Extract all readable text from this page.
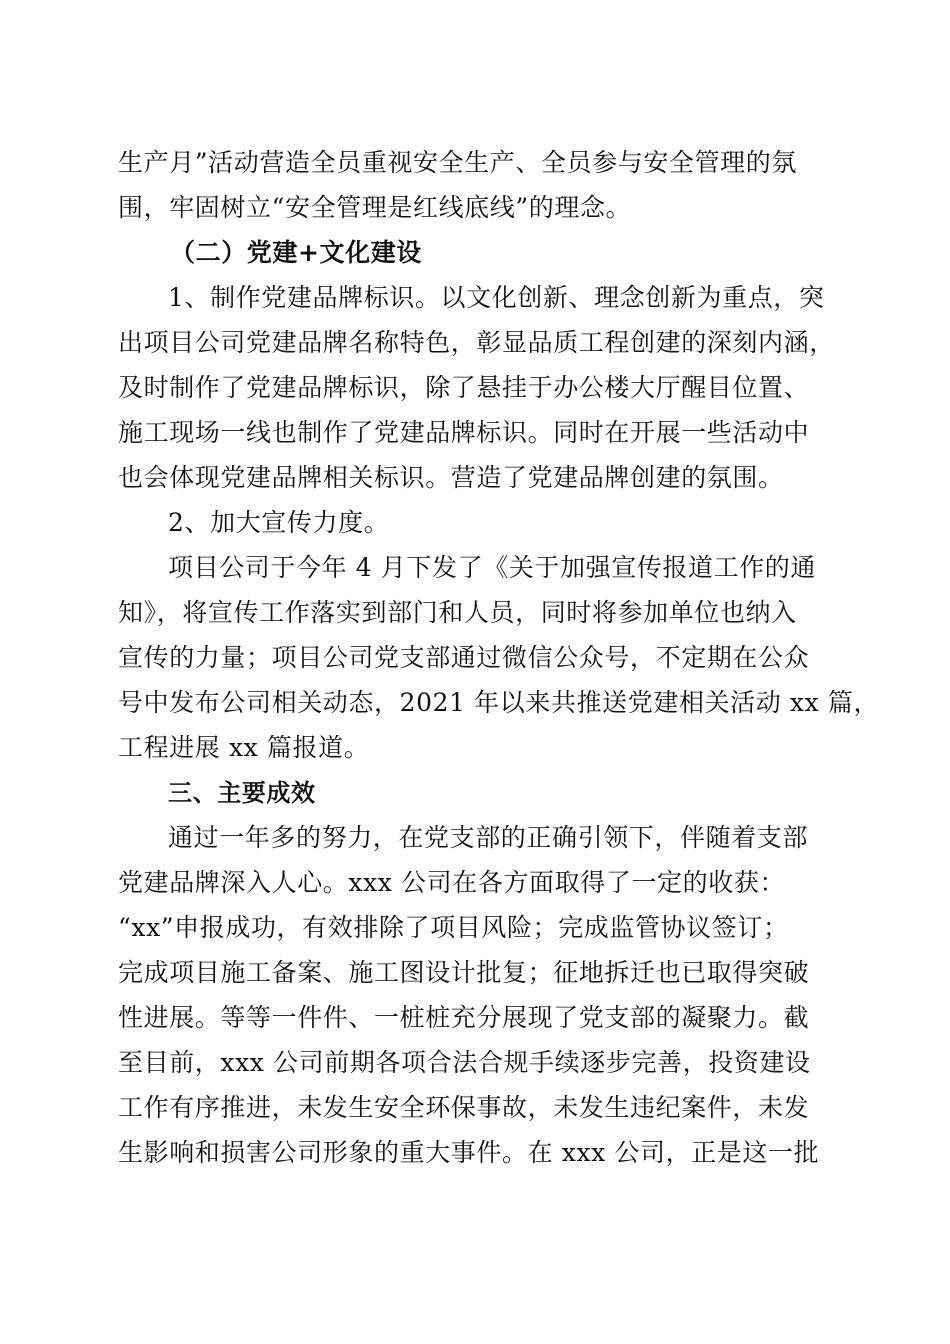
生产月”活动营造全员重视安全生产、全员参与安全管理的氛
围，牢固树立“安全管理是红线底线”的理念。
（二）党建+文化建设
1、制作党建品牌标识。以文化创新、理念创新为重点，突
出项目公司党建品牌名称特色，彰显品质工程创建的深刻内涵，
及时制作了党建品牌标识，除了悬挂于办公楼大厅醒目位置、
施工现场一线也制作了党建品牌标识。同时在开展一些活动中
也会体现党建品牌相关标识。营造了党建品牌创建的氛围。
2、加大宣传力度。
项目公司于今年 4 月下发了《关于加强宣传报道工作的通
知》，将宣传工作落实到部门和人员，同时将参加单位也纳入
宣传的力量；项目公司党支部通过微信公众号，不定期在公众
号中发布公司相关动态，2021 年以来共推送党建相关活动 xx 篇，
工程进展 xx 篇报道。
三、主要成效
通过一年多的努力，在党支部的正确引领下，伴随着支部
党建品牌深入人心。xxx 公司在各方面取得了一定的收获：
“xx”申报成功，有效排除了项目风险；完成监管协议签订；
完成项目施工备案、施工图设计批复；征地拆迁也已取得突破
性进展。等等一件件、一桩桩充分展现了党支部的凝聚力。截
至目前，xxx 公司前期各项合法合规手续逐步完善，投资建设
工作有序推进，未发生安全环保事故，未发生违纪案件，未发
生影响和损害公司形象的重大事件。在 xxx 公司，正是这一批
